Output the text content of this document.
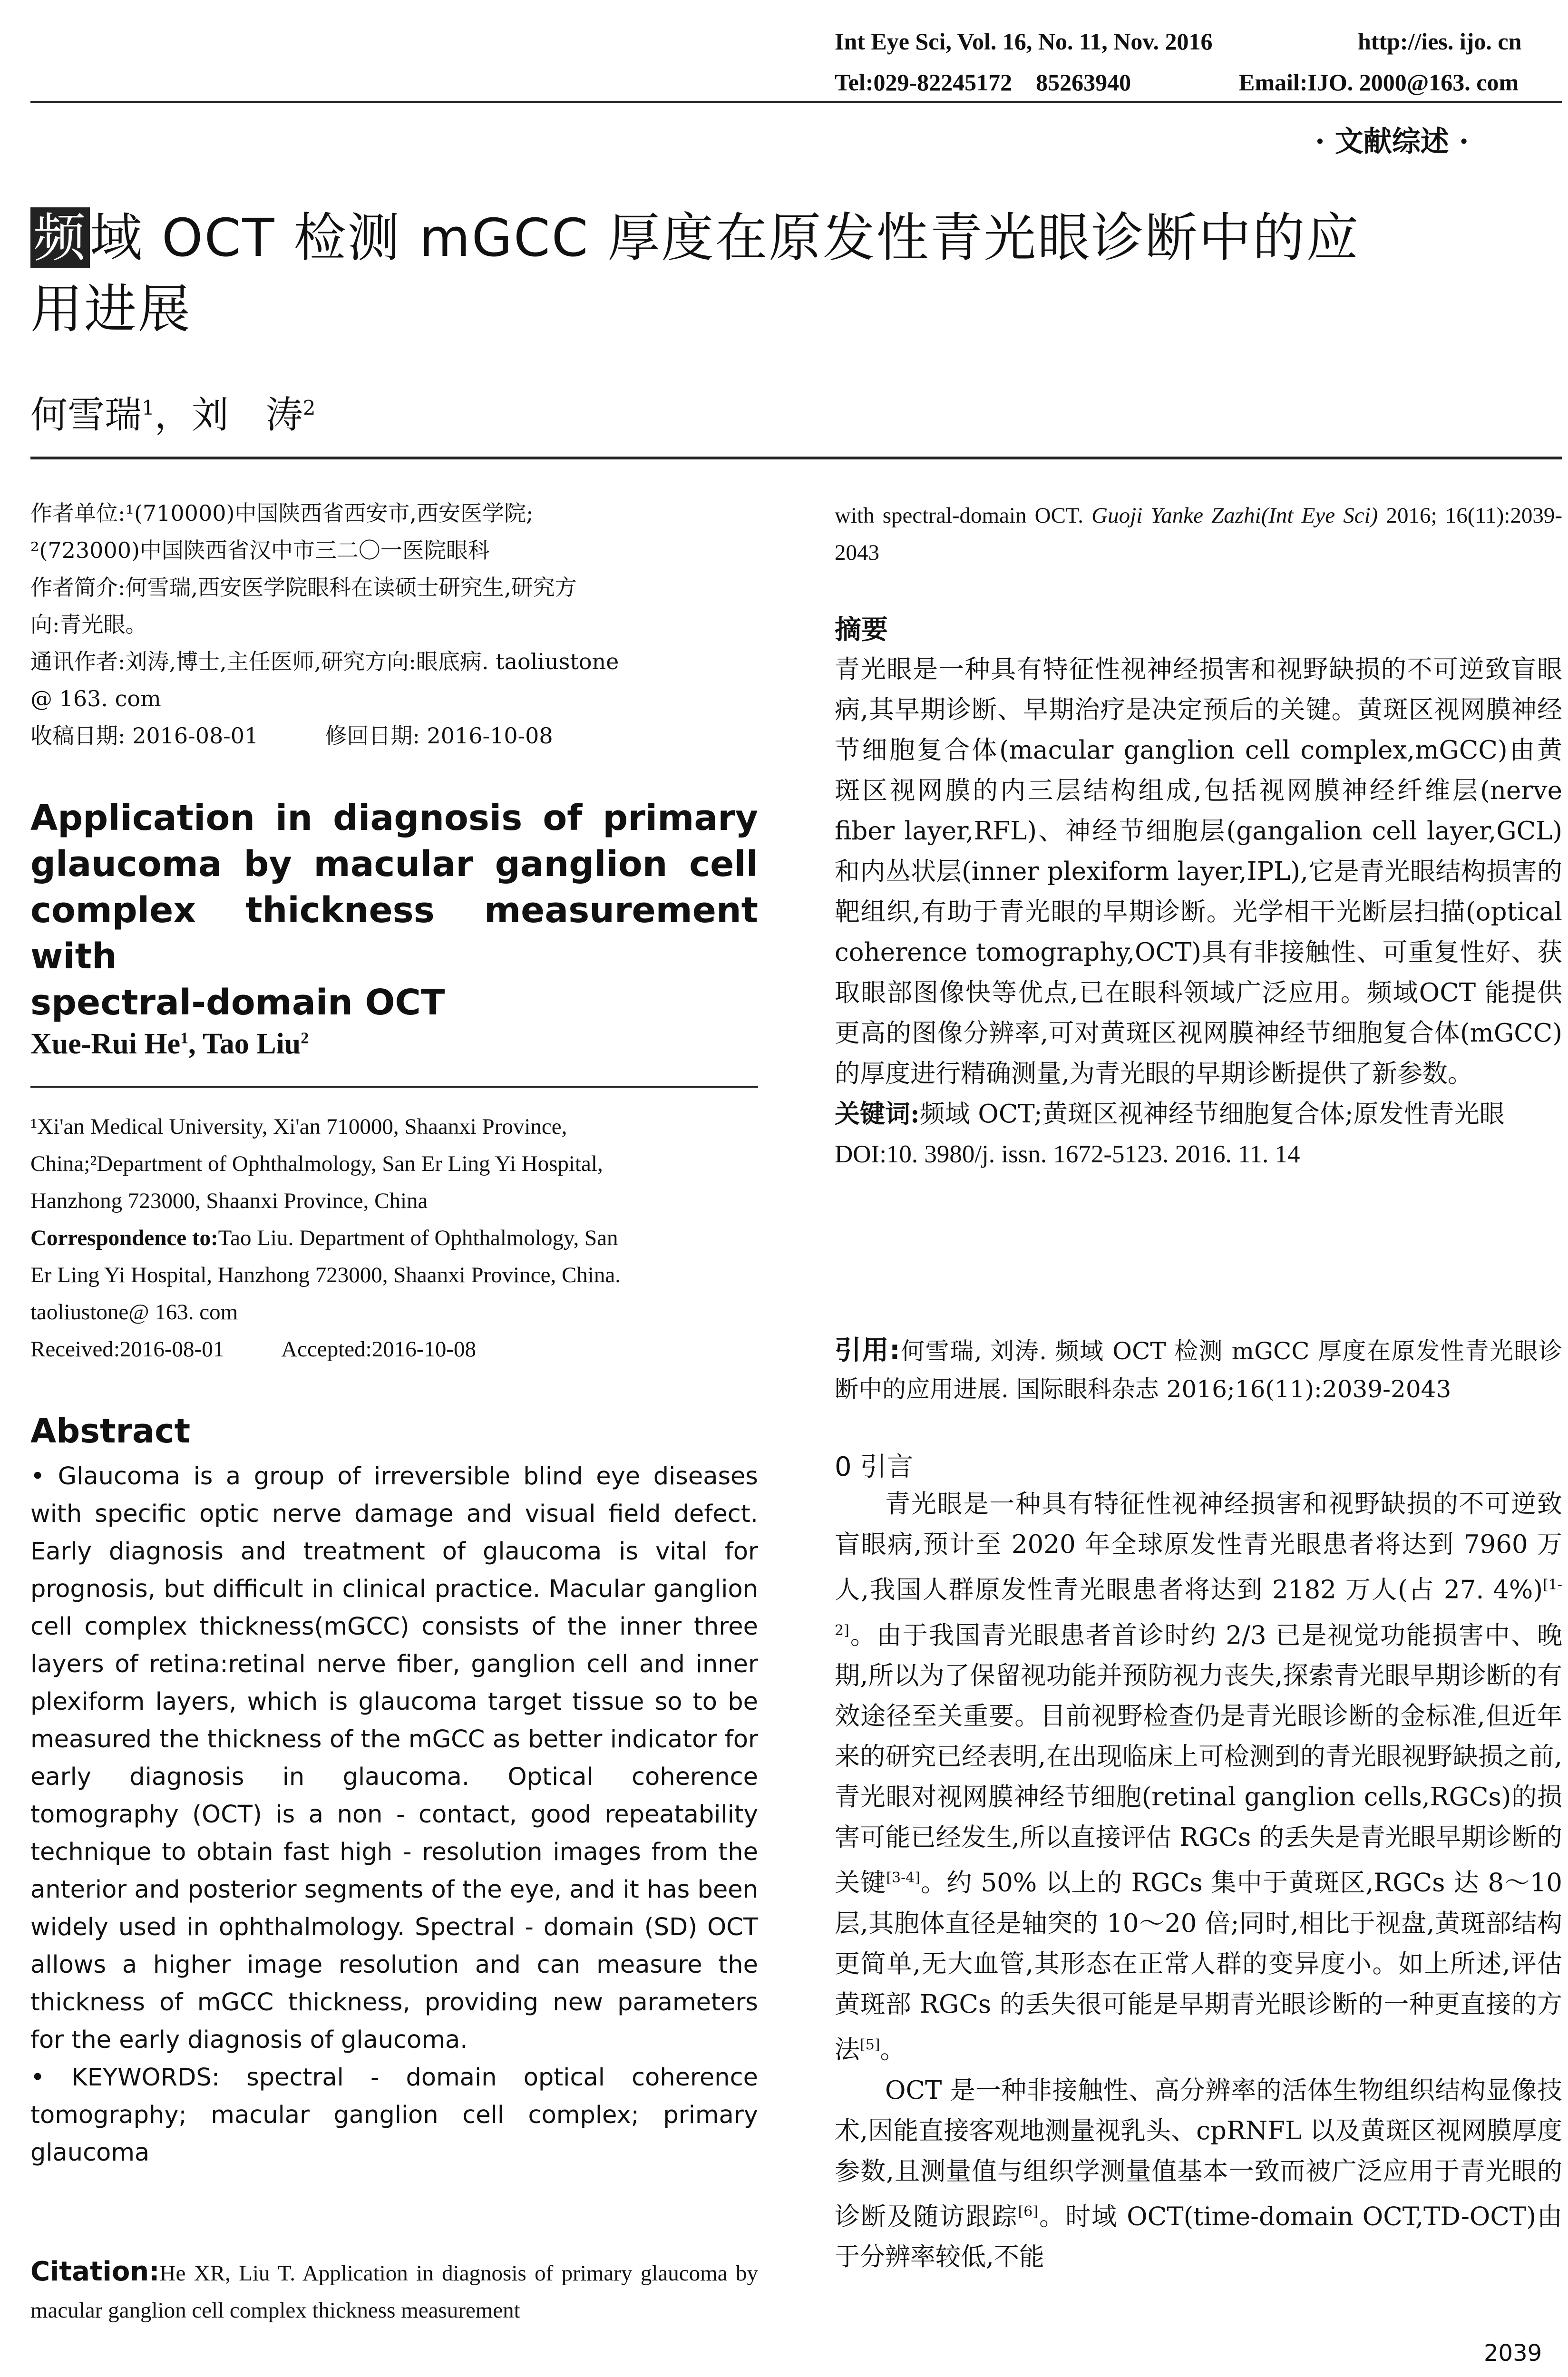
Int Eye Sci, Vol. 16, No. 11, Nov. 2016	http://ies. ijo. cn
Tel:029-82245172　85263940	Email:IJO. 2000@163. com
· 文献综述 ·
频域 OCT 检测 mGCC 厚度在原发性青光眼诊断中的应
用进展
何雪瑞$^1$，刘　涛$^2$

作者单位:¹(710000)中国陕西省西安市,西安医学院;

²(723000)中国陕西省汉中市三二〇一医院眼科

作者简介:何雪瑞,西安医学院眼科在读硕士研究生,研究方

向:青光眼。

通讯作者:刘涛,博士,主任医师,研究方向:眼底病. taoliustone

@ 163. com

收稿日期: 2016-08-01	修回日期: 2016-10-08

Application in diagnosis of primary
glaucoma by macular ganglion cell
complex thickness measurement with
spectral-domain OCT
Xue-Rui He$^1$, Tao Liu$^2$

¹Xi'an Medical University, Xi'an 710000, Shaanxi Province,

China;²Department of Ophthalmology, San Er Ling Yi Hospital,

Hanzhong 723000, Shaanxi Province, China

Correspondence to:Tao Liu. Department of Ophthalmology, San

Er Ling Yi Hospital, Hanzhong 723000, Shaanxi Province, China.

taoliustone@ 163. com

Received:2016-08-01	Accepted:2016-10-08

Abstract

• Glaucoma is a group of irreversible blind eye diseases with specific optic nerve damage and visual field defect. Early diagnosis and treatment of glaucoma is vital for prognosis, but difficult in clinical practice. Macular ganglion cell complex thickness(mGCC) consists of the inner three layers of retina:retinal nerve fiber, ganglion cell and inner plexiform layers, which is glaucoma target tissue so to be measured the thickness of the mGCC as better indicator for early diagnosis in glaucoma. Optical coherence tomography (OCT) is a non - contact, good repeatability technique to obtain fast high - resolution images from the anterior and posterior segments of the eye, and it has been widely used in ophthalmology. Spectral - domain (SD) OCT allows a higher image resolution and can measure the thickness of mGCC thickness, providing new parameters for the early diagnosis of glaucoma.

• KEYWORDS: spectral - domain optical coherence tomography; macular ganglion cell complex; primary glaucoma

Citation:He XR, Liu T. Application in diagnosis of primary glaucoma by macular ganglion cell complex thickness measurement
with spectral-domain OCT. Guoji Yanke Zazhi(Int Eye Sci) 2016; 16(11):2039-2043
摘要

青光眼是一种具有特征性视神经损害和视野缺损的不可逆致盲眼病,其早期诊断、早期治疗是决定预后的关键。黄斑区视网膜神经节细胞复合体(macular ganglion cell complex,mGCC)由黄斑区视网膜的内三层结构组成,包括视网膜神经纤维层(nerve fiber layer,RFL)、神经节细胞层(gangalion cell layer,GCL)和内丛状层(inner plexiform layer,IPL),它是青光眼结构损害的靶组织,有助于青光眼的早期诊断。光学相干光断层扫描(optical coherence tomography,OCT)具有非接触性、可重复性好、获取眼部图像快等优点,已在眼科领域广泛应用。频域OCT 能提供更高的图像分辨率,可对黄斑区视网膜神经节细胞复合体(mGCC)的厚度进行精确测量,为青光眼的早期诊断提供了新参数。

关键词:频域 OCT;黄斑区视神经节细胞复合体;原发性青光眼

DOI:10. 3980/j. issn. 1672-5123. 2016. 11. 14

引用:何雪瑞, 刘涛. 频域 OCT 检测 mGCC 厚度在原发性青光眼诊断中的应用进展. 国际眼科杂志 2016;16(11):2039-2043
0 引言

青光眼是一种具有特征性视神经损害和视野缺损的不可逆致盲眼病,预计至 2020 年全球原发性青光眼患者将达到 7960 万人,我国人群原发性青光眼患者将达到 2182 万人(占 27. 4%)[1-2]。由于我国青光眼患者首诊时约 2/3 已是视觉功能损害中、晚期,所以为了保留视功能并预防视力丧失,探索青光眼早期诊断的有效途径至关重要。目前视野检查仍是青光眼诊断的金标准,但近年来的研究已经表明,在出现临床上可检测到的青光眼视野缺损之前,青光眼对视网膜神经节细胞(retinal ganglion cells,RGCs)的损害可能已经发生,所以直接评估 RGCs 的丢失是青光眼早期诊断的关键[3-4]。约 50% 以上的 RGCs 集中于黄斑区,RGCs 达 8～10 层,其胞体直径是轴突的 10～20 倍;同时,相比于视盘,黄斑部结构更简单,无大血管,其形态在正常人群的变异度小。如上所述,评估黄斑部 RGCs 的丢失很可能是早期青光眼诊断的一种更直接的方法[5]。

OCT 是一种非接触性、高分辨率的活体生物组织结构显像技术,因能直接客观地测量视乳头、cpRNFL 以及黄斑区视网膜厚度参数,且测量值与组织学测量值基本一致而被广泛应用于青光眼的诊断及随访跟踪[6]。时域 OCT(time-domain OCT,TD-OCT)由于分辨率较低,不能

2039
